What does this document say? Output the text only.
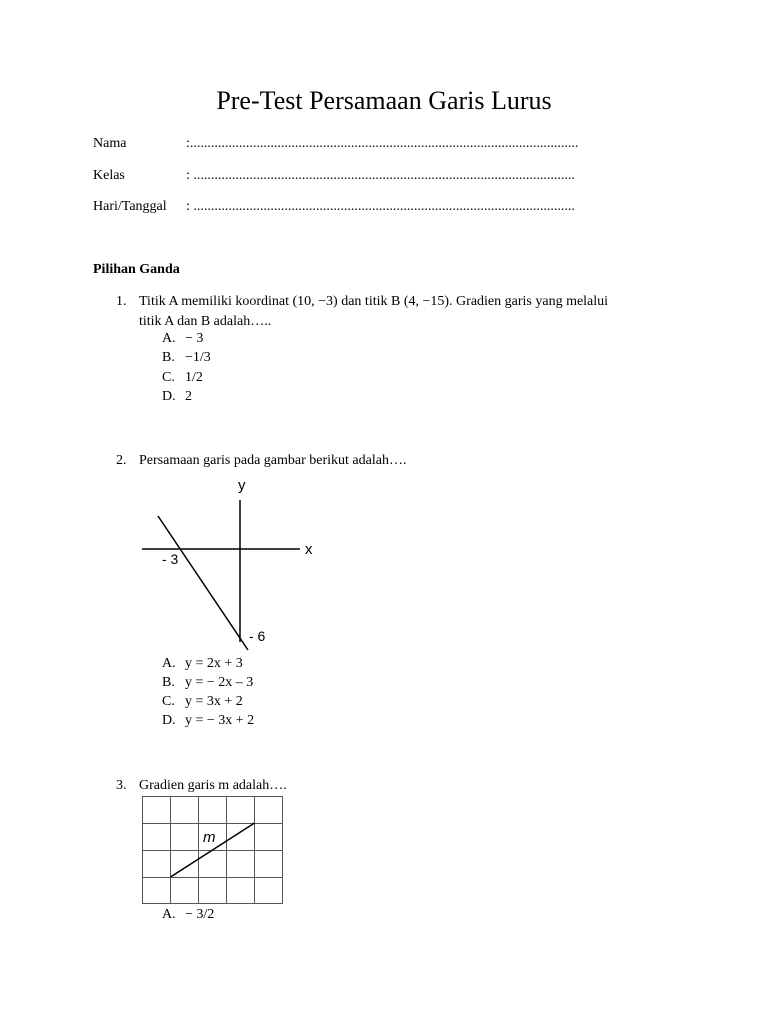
Pre-Test Persamaan Garis Lurus
Nama	:...............................................................................................................
Kelas	: .............................................................................................................
Hari/Tanggal : .............................................................................................................
Pilihan Ganda
1. Titik A memiliki koordinat (10, −3) dan titik B (4, −15). Gradien garis yang melalui
titik A dan B adalah…..
A. − 3
B. −1/3
C. 1/2
D. 2
2. Persamaan garis pada gambar berikut adalah….
y
x
- 3
- 6
A. y = 2x + 3
B. y = − 2x – 3
C. y = 3x + 2
D. y = − 3x + 2
3. Gradien garis m adalah….
m
A. − 3/2
